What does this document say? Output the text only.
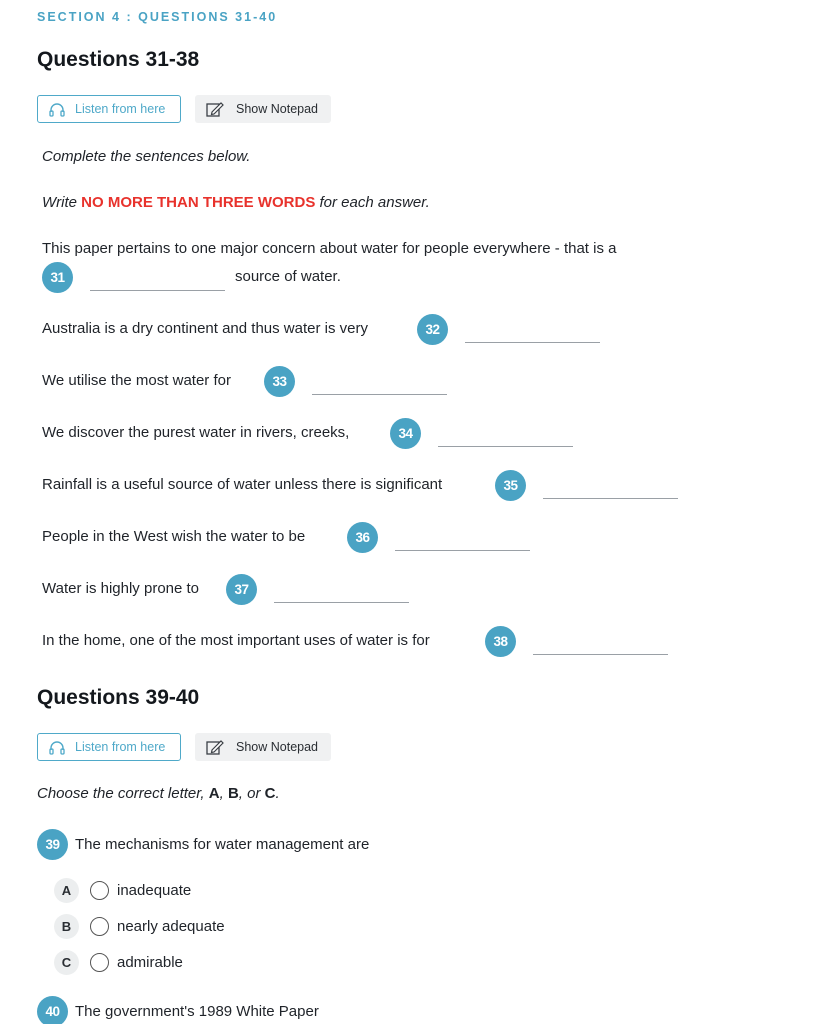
SECTION 4 : QUESTIONS 31-40
Questions 31-38
Listen from here	Show Notepad
Complete the sentences below.
Write NO MORE THAN THREE WORDS for each answer.
This paper pertains to one major concern about water for people everywhere - that is a
31	source of water.
Australia is a dry continent and thus water is very	32
We utilise the most water for	33
We discover the purest water in rivers, creeks,	34
Rainfall is a useful source of water unless there is significant	35
People in the West wish the water to be	36
Water is highly prone to	37
In the home, one of the most important uses of water is for	38
Questions 39-40
Listen from here	Show Notepad
Choose the correct letter, A, B, or C.
39	The mechanisms for water management are
A	inadequate
B	nearly adequate
C	admirable
40	The government's 1989 White Paper
